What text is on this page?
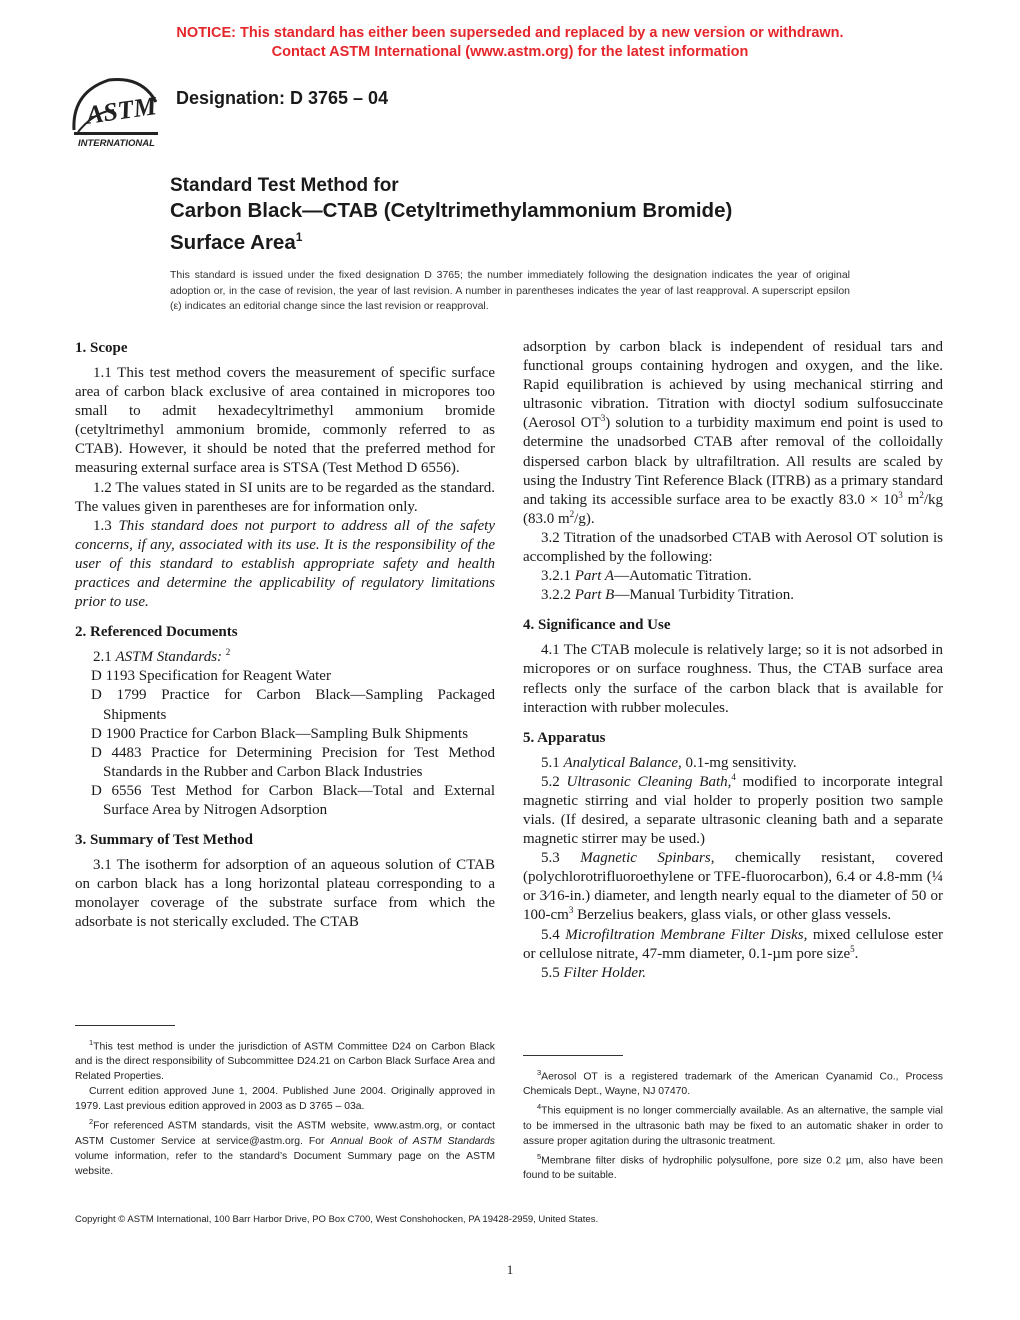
NOTICE: This standard has either been superseded and replaced by a new version or withdrawn.
Contact ASTM International (www.astm.org) for the latest information
ASTM
INTERNATIONAL
Designation: D 3765 – 04
Standard Test Method for
Carbon Black—CTAB (Cetyltrimethylammonium Bromide)
Surface Area$^1$
This standard is issued under the fixed designation D 3765; the number immediately following the designation indicates the year of original adoption or, in the case of revision, the year of last revision. A number in parentheses indicates the year of last reapproval. A superscript epsilon (ε) indicates an editorial change since the last revision or reapproval.
1. Scope

1.1 This test method covers the measurement of specific surface area of carbon black exclusive of area contained in micropores too small to admit hexadecyltrimethyl ammonium bromide (cetyltrimethyl ammonium bromide, commonly referred to as CTAB). However, it should be noted that the preferred method for measuring external surface area is STSA (Test Method D 6556).

1.2 The values stated in SI units are to be regarded as the standard. The values given in parentheses are for information only.

1.3 This standard does not purport to address all of the safety concerns, if any, associated with its use. It is the responsibility of the user of this standard to establish appropriate safety and health practices and determine the applicability of regulatory limitations prior to use.

2. Referenced Documents

2.1 ASTM Standards: $^2$

D 1193 Specification for Reagent Water

D 1799 Practice for Carbon Black—Sampling Packaged Shipments

D 1900 Practice for Carbon Black—Sampling Bulk Shipments

D 4483 Practice for Determining Precision for Test Method Standards in the Rubber and Carbon Black Industries

D 6556 Test Method for Carbon Black—Total and External Surface Area by Nitrogen Adsorption

3. Summary of Test Method

3.1 The isotherm for adsorption of an aqueous solution of CTAB on carbon black has a long horizontal plateau corresponding to a monolayer coverage of the substrate surface from which the adsorbate is not sterically excluded. The CTAB

adsorption by carbon black is independent of residual tars and functional groups containing hydrogen and oxygen, and the like. Rapid equilibration is achieved by using mechanical stirring and ultrasonic vibration. Titration with dioctyl sodium sulfosuccinate (Aerosol $OT^3$) solution to a turbidity maximum end point is used to determine the unadsorbed CTAB after removal of the colloidally dispersed carbon black by ultrafiltration. All results are scaled by using the Industry Tint Reference Black (ITRB) as a primary standard and taking its accessible surface area to be exactly $83.0 \times 10^3$ $m^2/kg$ (83.0 $m^2/g$).

3.2 Titration of the unadsorbed CTAB with Aerosol OT solution is accomplished by the following:

3.2.1 Part A—Automatic Titration.

3.2.2 Part B—Manual Turbidity Titration.

4. Significance and Use

4.1 The CTAB molecule is relatively large; so it is not adsorbed in micropores or on surface roughness. Thus, the CTAB surface area reflects only the surface of the carbon black that is available for interaction with rubber molecules.

5. Apparatus

5.1 Analytical Balance, 0.1-mg sensitivity.

5.2 Ultrasonic Cleaning Bath,$^4$ modified to incorporate integral magnetic stirring and vial holder to properly position two sample vials. (If desired, a separate ultrasonic cleaning bath and a separate magnetic stirrer may be used.)

5.3 Magnetic Spinbars, chemically resistant, covered (polychlorotrifluoroethylene or TFE-fluorocarbon), 6.4 or 4.8-mm (¼ or 3⁄16-in.) diameter, and length nearly equal to the diameter of 50 or $100-cm^3$ Berzelius beakers, glass vials, or other glass vessels.

5.4 Microfiltration Membrane Filter Disks, mixed cellulose ester or cellulose nitrate, 47-mm diameter, 0.1-µm pore size$^5$.

5.5 Filter Holder.

$^1$This test method is under the jurisdiction of ASTM Committee D24 on Carbon Black and is the direct responsibility of Subcommittee D24.21 on Carbon Black Surface Area and Related Properties.

Current edition approved June 1, 2004. Published June 2004. Originally approved in 1979. Last previous edition approved in 2003 as D 3765 – 03a.

$^2$For referenced ASTM standards, visit the ASTM website, www.astm.org, or contact ASTM Customer Service at service@astm.org. For Annual Book of ASTM Standards volume information, refer to the standard’s Document Summary page on the ASTM website.

$^3$Aerosol OT is a registered trademark of the American Cyanamid Co., Process Chemicals Dept., Wayne, NJ 07470.

$^4$This equipment is no longer commercially available. As an alternative, the sample vial to be immersed in the ultrasonic bath may be fixed to an automatic shaker in order to assure proper agitation during the ultrasonic treatment.

$^5$Membrane filter disks of hydrophilic polysulfone, pore size 0.2 µm, also have been found to be suitable.

Copyright © ASTM International, 100 Barr Harbor Drive, PO Box C700, West Conshohocken, PA 19428-2959, United States.
1
